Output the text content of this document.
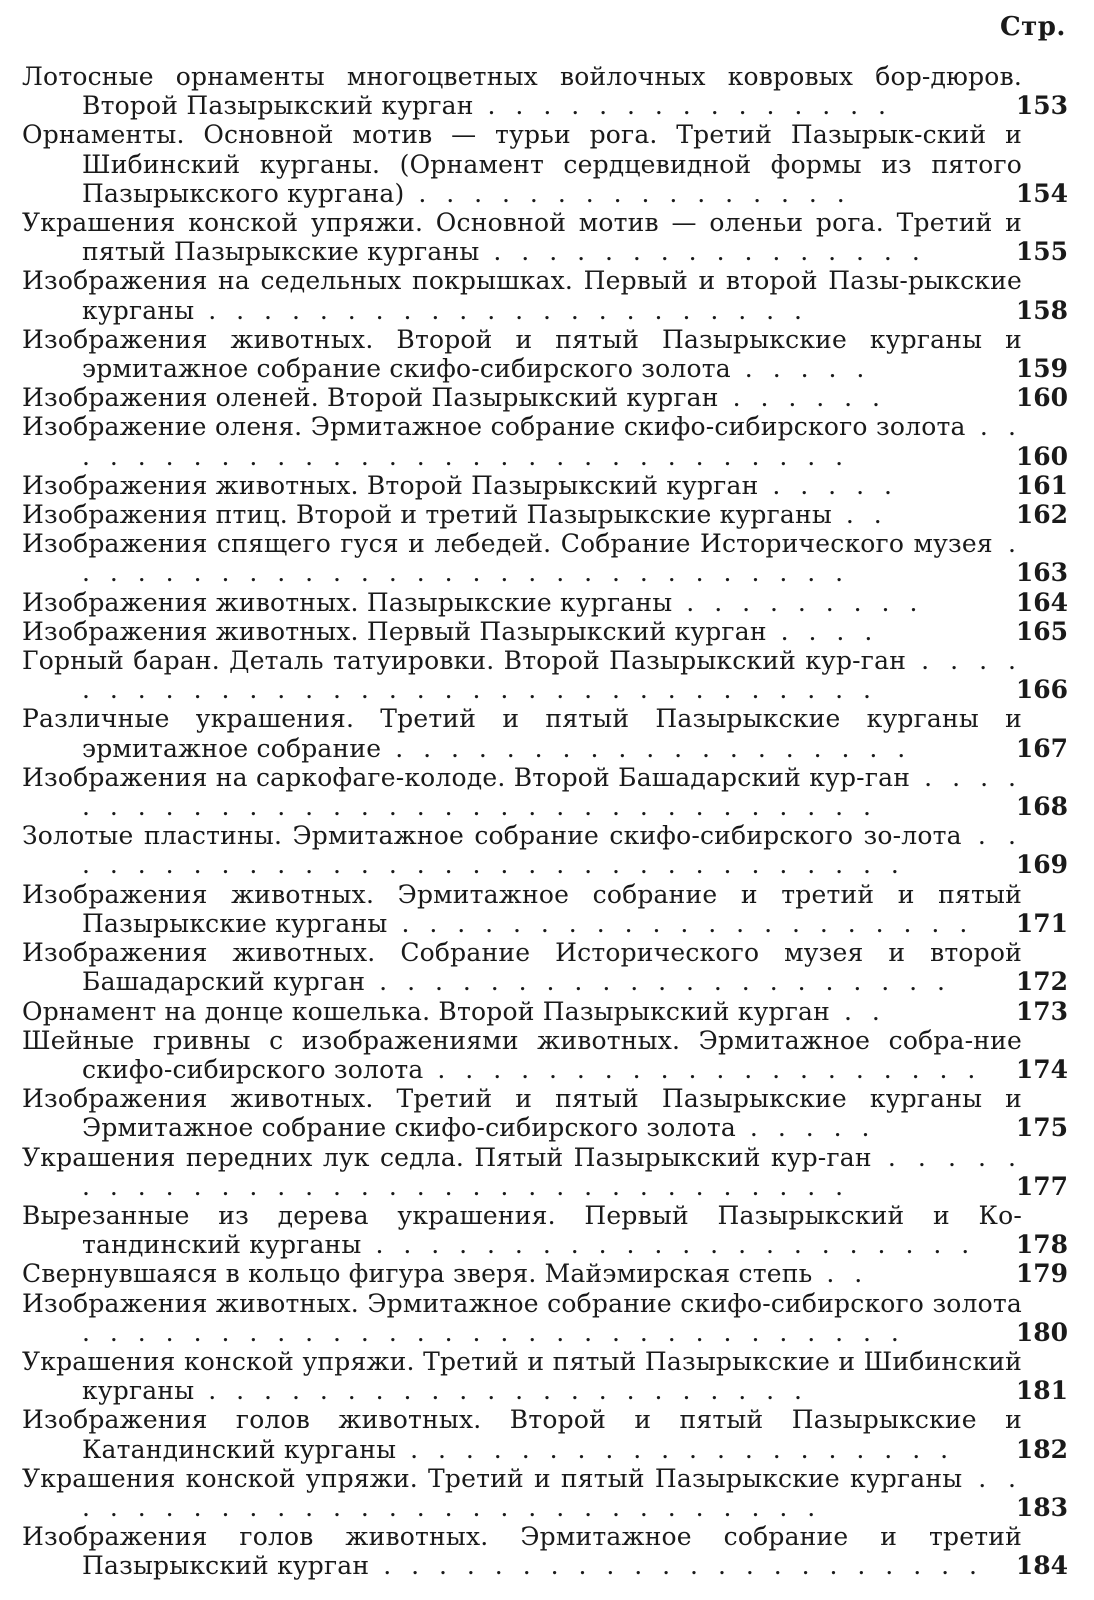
Стр.
Лотосные орнаменты многоцветных войлочных ковровых бор-дюров. Второй Пазырыкский курган . . . . . . . . . . . . . . .	153
Орнаменты. Основной мотив — турьи рога. Третий Пазырык-ский и Шибинский курганы. (Орнамент сердцевидной формы из пятого Пазырыкского кургана) . . . . . . . . . . . . . . . .	154
Украшения конской упряжи. Основной мотив — оленьи рога. Третий и пятый Пазырыкские курганы . . . . . . . . . . . . . . . .	155
Изображения на седельных покрышках. Первый и второй Пазы-рыкские курганы . . . . . . . . . . . . . . . . . . . . . .	158
Изображения животных. Второй и пятый Пазырыкские курганы и эрмитажное собрание скифо-сибирского золота . . . . .	159
Изображения оленей. Второй Пазырыкский курган . . . . . .	160
Изображение оленя. Эрмитажное собрание скифо-сибирского золота . . . . . . . . . . . . . . . . . . . . . . . . . . . . . .	160
Изображения животных. Второй Пазырыкский курган . . . . .	161
Изображения птиц. Второй и третий Пазырыкские курганы . .	162
Изображения спящего гуся и лебедей. Собрание Исторического музея . . . . . . . . . . . . . . . . . . . . . . . . . . . . .	163
Изображения животных. Пазырыкские курганы . . . . . . . . .	164
Изображения животных. Первый Пазырыкский курган . . . .	165
Горный баран. Деталь татуировки. Второй Пазырыкский кур-ган . . . . . . . . . . . . . . . . . . . . . . . . . . . . . . . . .	166
Различные украшения. Третий и пятый Пазырыкские курганы и эрмитажное собрание . . . . . . . . . . . . . . . . . . .	167
Изображения на саркофаге-колоде. Второй Башадарский кур-ган . . . . . . . . . . . . . . . . . . . . . . . . . . . . . . . . .	168
Золотые пластины. Эрмитажное собрание скифо-сибирского зо-лота . . . . . . . . . . . . . . . . . . . . . . . . . . . . . . . .	169
Изображения животных. Эрмитажное собрание и третий и пятый Пазырыкские курганы . . . . . . . . . . . . . . . . . . . . .	171
Изображения животных. Собрание Исторического музея и второй Башадарский курган . . . . . . . . . . . . . . . . . . . . .	172
Орнамент на донце кошелька. Второй Пазырыкский курган . .	173
Шейные гривны с изображениями животных. Эрмитажное собра-ние скифо-сибирского золота . . . . . . . . . . . . . . . . . . . .	174
Изображения животных. Третий и пятый Пазырыкские курганы и Эрмитажное собрание скифо-сибирского золота . . . . .	175
Украшения передних лук седла. Пятый Пазырыкский кур-ган . . . . . . . . . . . . . . . . . . . . . . . . . . . . . . . . .	177
Вырезанные из дерева украшения. Первый Пазырыкский и Ко-тандинский курганы . . . . . . . . . . . . . . . . . . . . . .	178
Свернувшаяся в кольцо фигура зверя. Майэмирская степь . .	179
Изображения животных. Эрмитажное собрание скифо-сибирского золота . . . . . . . . . . . . . . . . . . . . . . . . . . . . . .	180
Украшения конской упряжи. Третий и пятый Пазырыкские и Шибинский курганы . . . . . . . . . . . . . . . . . . . . . .	181
Изображения голов животных. Второй и пятый Пазырыкские и Катандинский курганы . . . . . . . . . . . . . . . . . . . .	182
Украшения конской упряжи. Третий и пятый Пазырыкские курганы . . . . . . . . . . . . . . . . . . . . . . . . . . . . .	183
Изображения голов животных. Эрмитажное собрание и третий Пазырыкский курган . . . . . . . . . . . . . . . . . . . . . .	184
